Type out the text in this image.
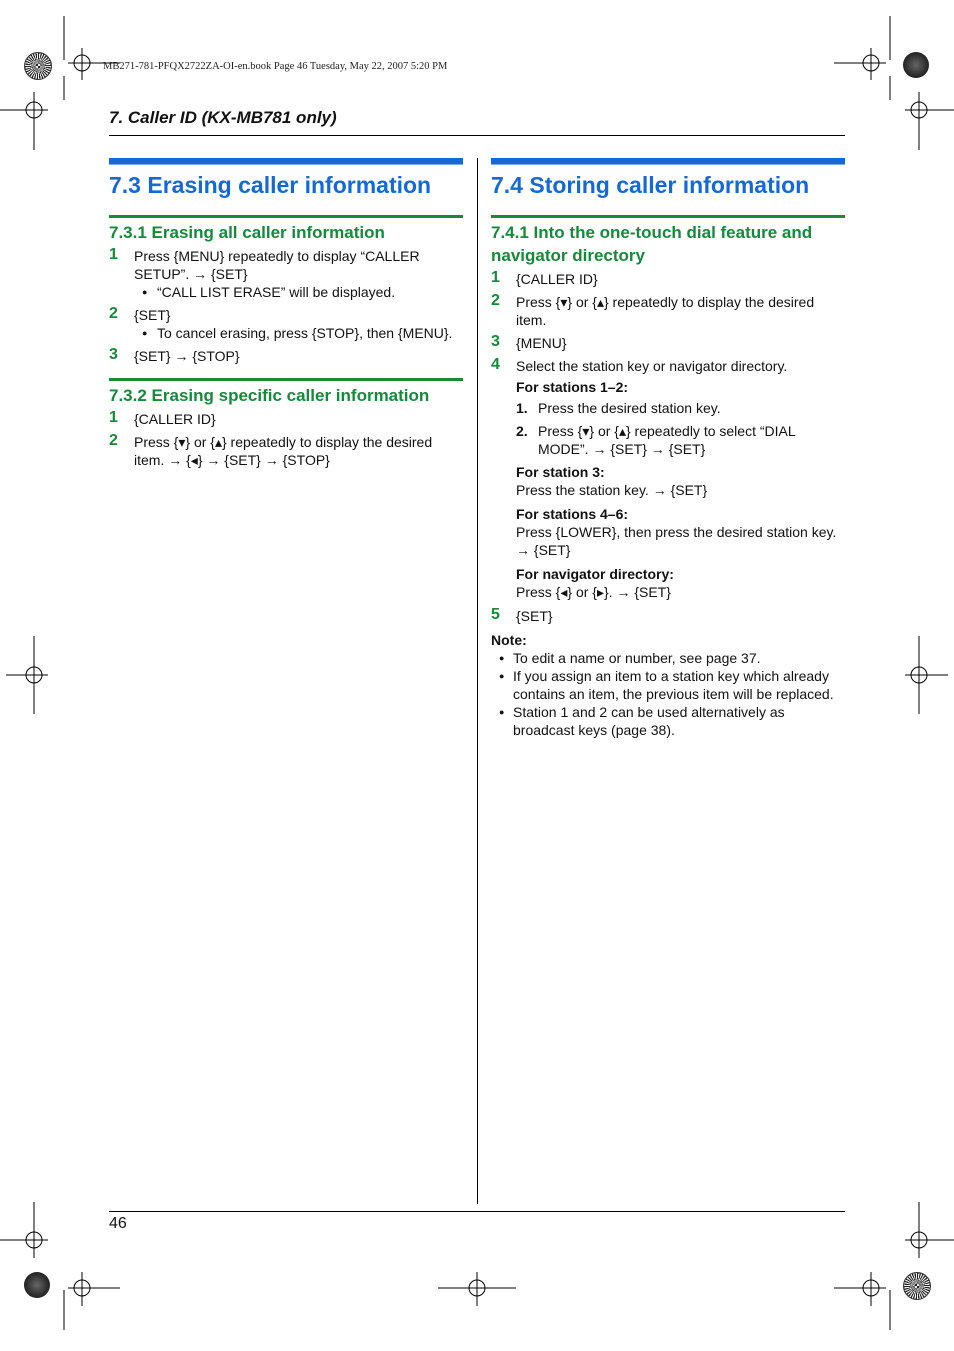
MB271-781-PFQX2722ZA-OI-en.book Page 46 Tuesday, May 22, 2007 5:20 PM
7. Caller ID (KX-MB781 only)
46
7.3 Erasing caller information
7.3.1 Erasing all caller information
1 Press {MENU} repeatedly to display “CALLER SETUP”. → {SET}
● “CALL LIST ERASE” will be displayed.
2 {SET}
● To cancel erasing, press {STOP}, then {MENU}.
3 {SET} → {STOP}
7.3.2 Erasing specific caller information
1 {CALLER ID}
2 Press {▾} or {▴} repeatedly to display the desired item. → {◂} → {SET} → {STOP}
7.4 Storing caller information
7.4.1 Into the one-touch dial feature and navigator directory
1 {CALLER ID}
2 Press {▾} or {▴} repeatedly to display the desired item.
3 {MENU}
4 Select the station key or navigator directory.
For stations 1–2:
1. Press the desired station key.
2. Press {▾} or {▴} repeatedly to select “DIAL MODE”. → {SET} → {SET}
For station 3:
Press the station key. → {SET}
For stations 4–6:
Press {LOWER}, then press the desired station key. → {SET}
For navigator directory:
Press {◂} or {▸}. → {SET}
5 {SET}
Note:
● To edit a name or number, see page 37.
● If you assign an item to a station key which already contains an item, the previous item will be replaced.
● Station 1 and 2 can be used alternatively as broadcast keys (page 38).
